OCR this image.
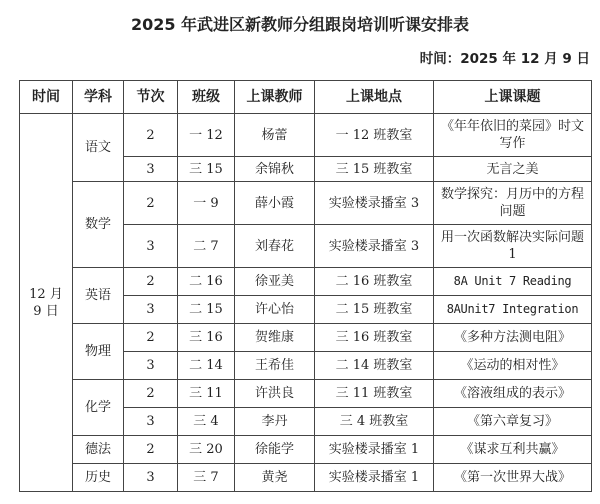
2025 年武进区新教师分组跟岗培训听课安排表
时间：2025 年 12 月 9 日
时间	学科	节次	班级	上课教师	上课地点	上课课题
12 月 9 日	语文	2	一 12	杨蕾	一 12 班教室	《年年依旧的菜园》时文写作
		3	三 15	余锦秋	三 15 班教室	无言之美
	数学	2	一 9	薛小霞	实验楼录播室 3	数学探究：月历中的方程问题
		3	二 7	刘春花	实验楼录播室 3	用一次函数解决实际问题 1
	英语	2	二 16	徐亚美	二 16 班教室	8A Unit 7 Reading
		3	二 15	许心怡	二 15 班教室	8AUnit7 Integration
	物理	2	三 16	贺维康	三 16 班教室	《多种方法测电阻》
		3	二 14	王希佳	二 14 班教室	《运动的相对性》
	化学	2	三 11	许洪良	三 11 班教室	《溶液组成的表示》
		3	三 4	李丹	三 4 班教室	《第六章复习》
	德法	2	三 20	徐能学	实验楼录播室 1	《谋求互利共赢》
	历史	3	三 7	黄尧	实验楼录播室 1	《第一次世界大战》
